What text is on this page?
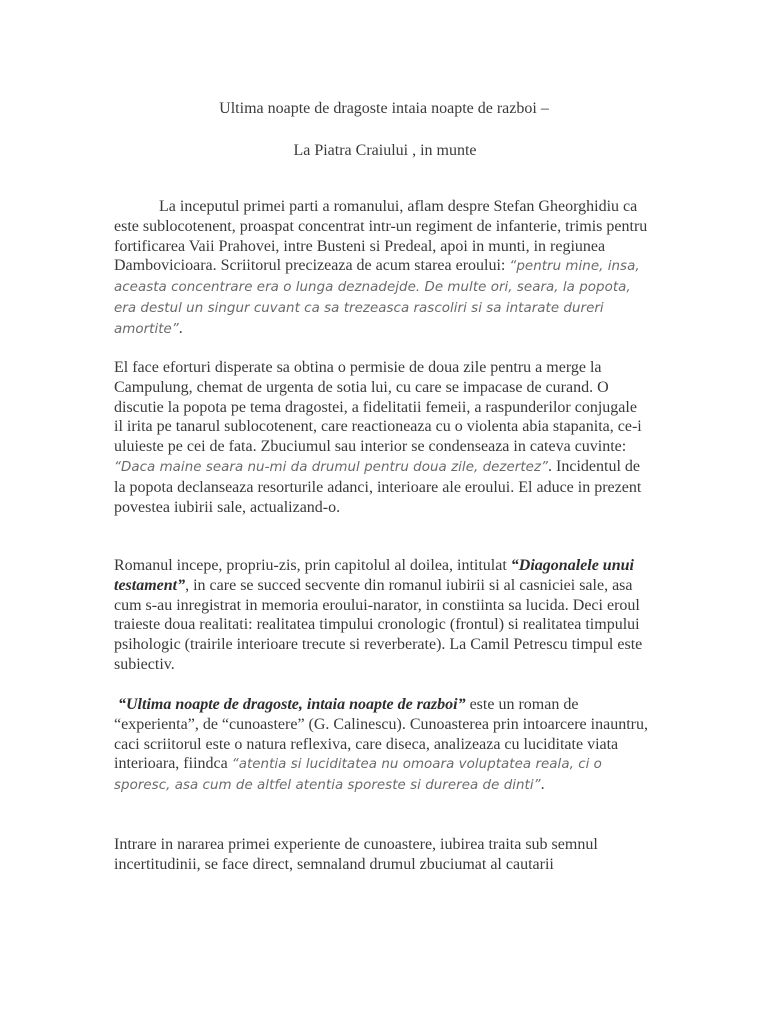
Ultima noapte de dragoste intaia noapte de razboi –
La Piatra Craiului , in munte

La inceputul primei parti a romanului, aflam despre Stefan Gheorghidiu ca este sublocotenent, proaspat concentrat intr-un regiment de infanterie, trimis pentru fortificarea Vaii Prahovei, intre Busteni si Predeal, apoi in munti, in regiunea Dambovicioara. Scriitorul precizeaza de acum starea eroului: “pentru mine, insa, aceasta concentrare era o lunga deznadejde. De multe ori, seara, la popota, era destul un singur cuvant ca sa trezeasca rascoliri si sa intarate dureri amortite”.

El face eforturi disperate sa obtina o permisie de doua zile pentru a merge la Campulung, chemat de urgenta de sotia lui, cu care se impacase de curand. O discutie la popota pe tema dragostei, a fidelitatii femeii, a raspunderilor conjugale il irita pe tanarul sublocotenent, care reactioneaza cu o violenta abia stapanita, ce-i uluieste pe cei de fata. Zbuciumul sau interior se condenseaza in cateva cuvinte: “Daca maine seara nu-mi da drumul pentru doua zile, dezertez”. Incidentul de la popota declanseaza resorturile adanci, interioare ale eroului. El aduce in prezent povestea iubirii sale, actualizand-o.

Romanul incepe, propriu-zis, prin capitolul al doilea, intitulat “Diagonalele unui testament”, in care se succed secvente din romanul iubirii si al casniciei sale, asa cum s-au inregistrat in memoria eroului-narator, in constiinta sa lucida. Deci eroul traieste doua realitati: realitatea timpului cronologic (frontul) si realitatea timpului psihologic (trairile interioare trecute si reverberate). La Camil Petrescu timpul este subiectiv.

“Ultima noapte de dragoste, intaia noapte de razboi” este un roman de “experienta”, de “cunoastere” (G. Calinescu). Cunoasterea prin intoarcere inauntru, caci scriitorul este o natura reflexiva, care diseca, analizeaza cu luciditate viata interioara, fiindca “atentia si luciditatea nu omoara voluptatea reala, ci o sporesc, asa cum de altfel atentia sporeste si durerea de dinti”.

Intrare in nararea primei experiente de cunoastere, iubirea traita sub semnul incertitudinii, se face direct, semnaland drumul zbuciumat al cautarii
